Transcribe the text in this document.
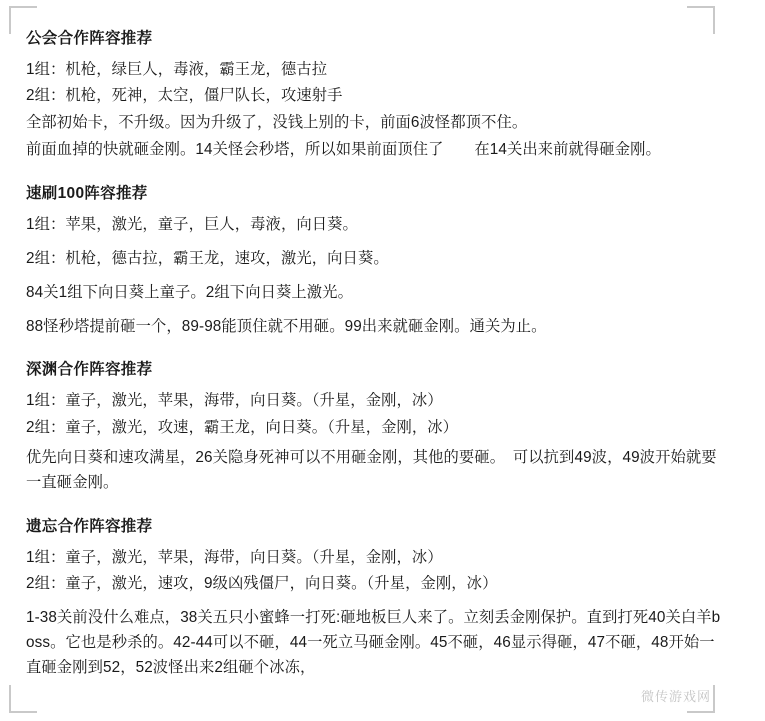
公会合作阵容推荐

1组：机枪，绿巨人，毒液，霸王龙，德古拉

2组：机枪，死神，太空，僵尸队长，攻速射手

全部初始卡，不升级。因为升级了，没钱上别的卡，前面6波怪都顶不住。

前面血掉的快就砸金刚。14关怪会秒塔，所以如果前面顶住了　　在14关出来前就得砸金刚。

速刷100阵容推荐

1组：苹果，激光，童子，巨人，毒液，向日葵。

2组：机枪，德古拉，霸王龙，速攻，激光，向日葵。

84关1组下向日葵上童子。2组下向日葵上激光。

88怪秒塔提前砸一个，89-98能顶住就不用砸。99出来就砸金刚。通关为止。

深渊合作阵容推荐

1组：童子，激光，苹果，海带，向日葵。（升星，金刚，冰）

2组：童子，激光，攻速，霸王龙，向日葵。（升星，金刚，冰）

优先向日葵和速攻满星，26关隐身死神可以不用砸金刚，其他的要砸。　可以抗到49波，49波开始就要一直砸金刚。

遗忘合作阵容推荐

1组：童子，激光，苹果，海带，向日葵。（升星，金刚，冰）

2组：童子，激光，速攻，9级凶残僵尸，向日葵。（升星，金刚，冰）

1-38关前没什么难点，38关五只小蜜蜂一打死:砸地板巨人来了。立刻丢金刚保护。直到打死40关白羊boss。它也是秒杀的。42-44可以不砸，44一死立马砸金刚。45不砸，46显示得砸，47不砸，48开始一直砸金刚到52，52波怪出来2组砸个冰冻，

微传游戏网
